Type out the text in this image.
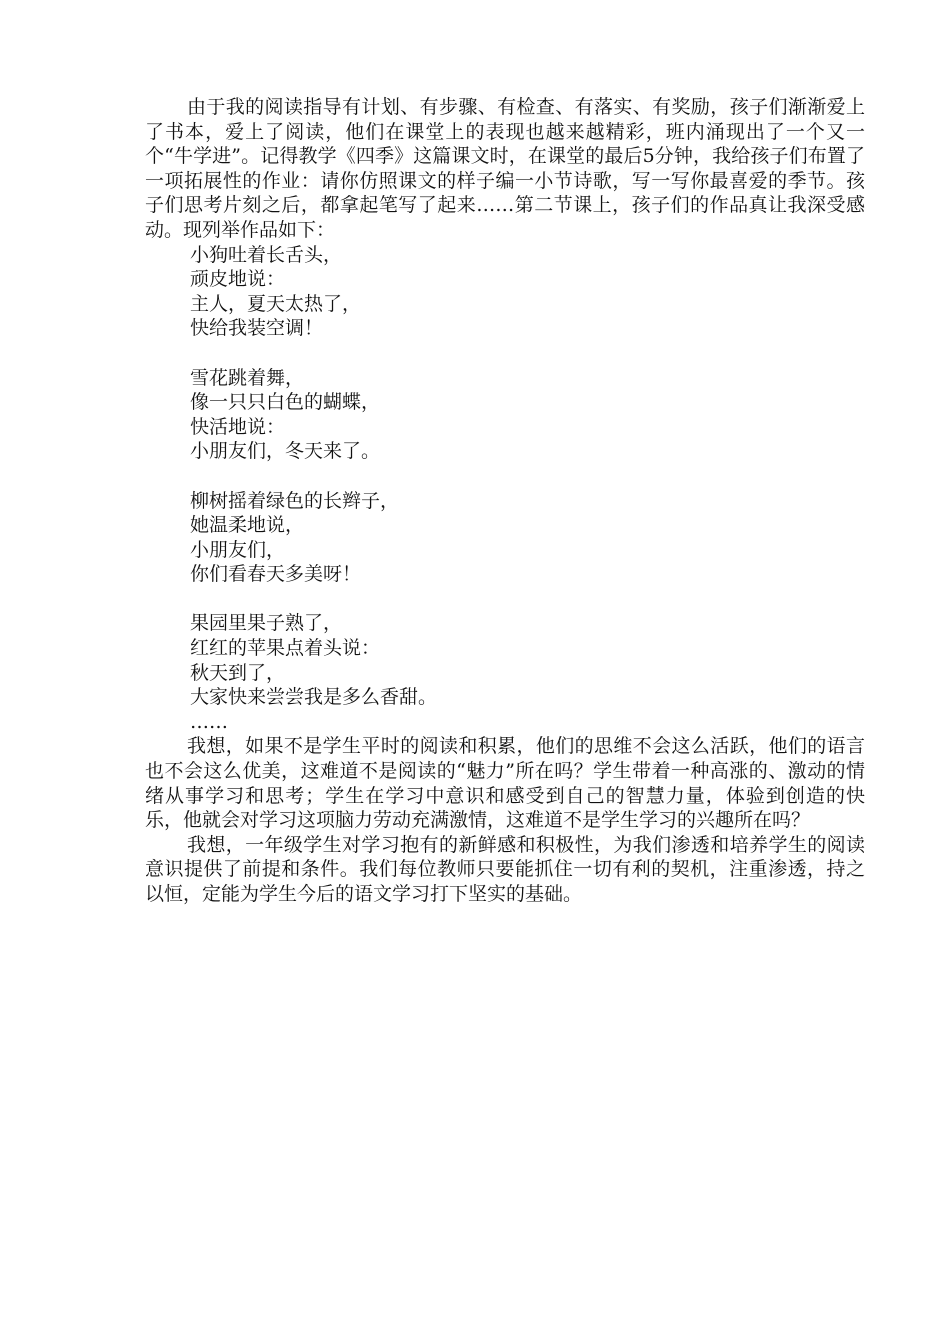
由于我的阅读指导有计划、有步骤、有检查、有落实、有奖励，孩子们渐渐爱上了书本，爱上了阅读，他们在课堂上的表现也越来越精彩，班内涌现出了一个又一个“牛学进”。记得教学《四季》这篇课文时，在课堂的最后5分钟，我给孩子们布置了一项拓展性的作业：请你仿照课文的样子编一小节诗歌，写一写你最喜爱的季节。孩子们思考片刻之后，都拿起笔写了起来……第二节课上，孩子们的作品真让我深受感动。现列举作品如下：

小狗吐着长舌头，
顽皮地说：
主人，夏天太热了，
快给我装空调！
雪花跳着舞，
像一只只白色的蝴蝶，
快活地说：
小朋友们，冬天来了。
柳树摇着绿色的长辫子，
她温柔地说，
小朋友们，
你们看春天多美呀！
果园里果子熟了，
红红的苹果点着头说：
秋天到了，
大家快来尝尝我是多么香甜。
……

我想，如果不是学生平时的阅读和积累，他们的思维不会这么活跃，他们的语言也不会这么优美，这难道不是阅读的“魅力”所在吗？学生带着一种高涨的、激动的情绪从事学习和思考；学生在学习中意识和感受到自己的智慧力量，体验到创造的快乐，他就会对学习这项脑力劳动充满激情，这难道不是学生学习的兴趣所在吗？

我想，一年级学生对学习抱有的新鲜感和积极性，为我们渗透和培养学生的阅读意识提供了前提和条件。我们每位教师只要能抓住一切有利的契机，注重渗透，持之以恒，定能为学生今后的语文学习打下坚实的基础。
